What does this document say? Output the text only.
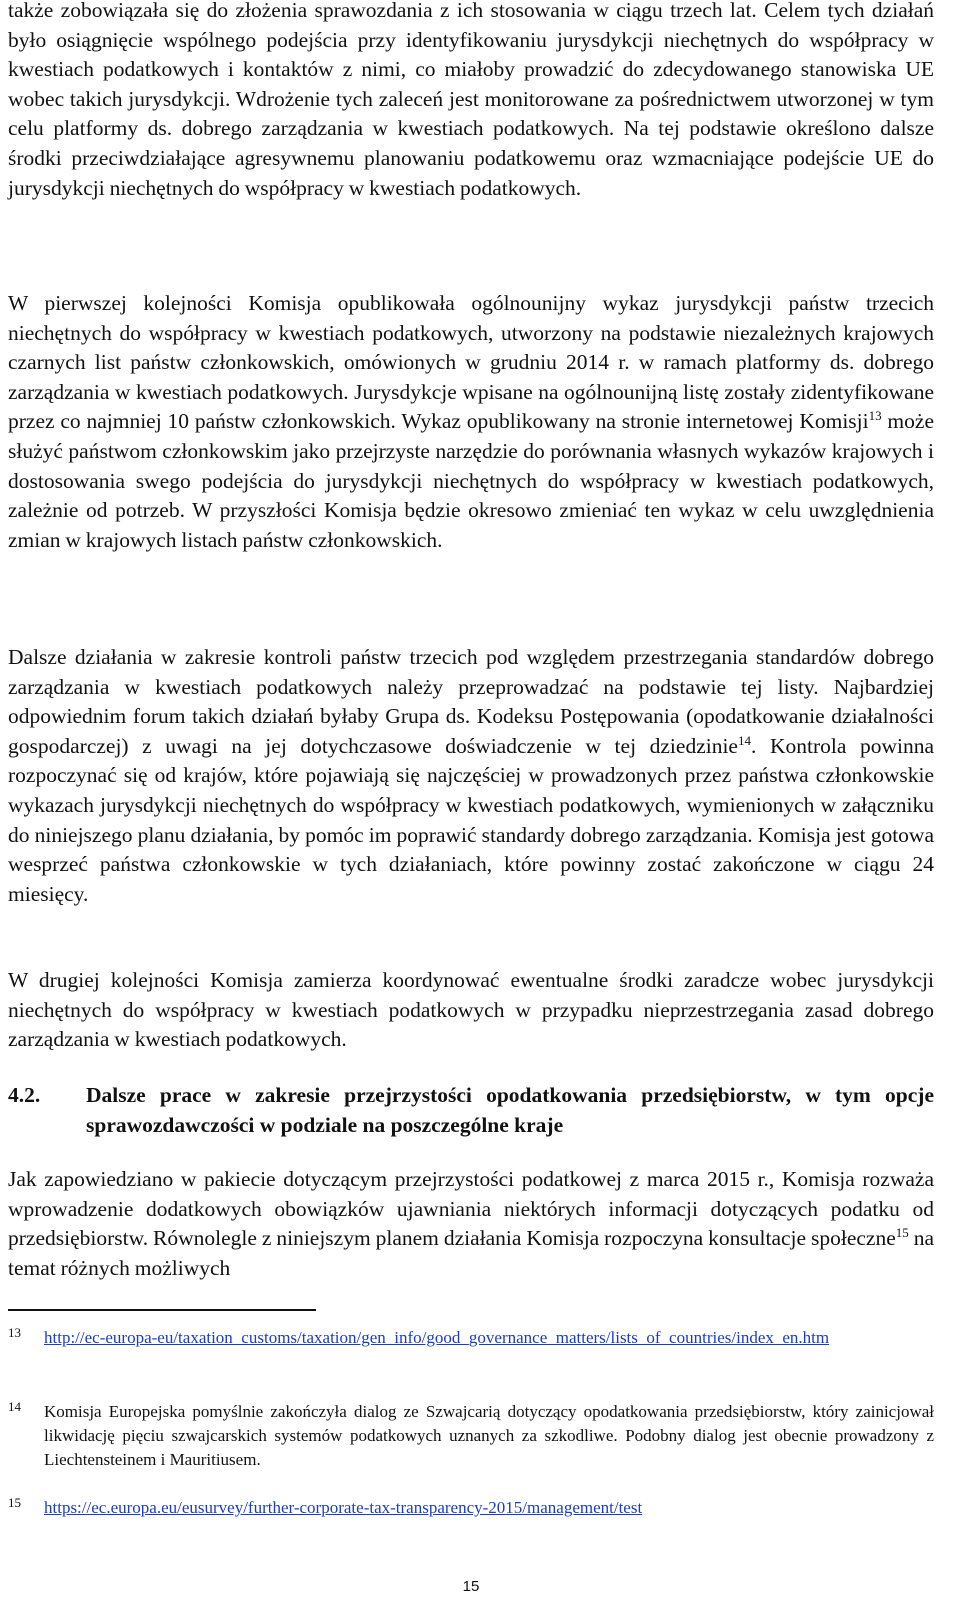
także zobowiązała się do złożenia sprawozdania z ich stosowania w ciągu trzech lat. Celem tych działań było osiągnięcie wspólnego podejścia przy identyfikowaniu jurysdykcji niechętnych do współpracy w kwestiach podatkowych i kontaktów z nimi, co miałoby prowadzić do zdecydowanego stanowiska UE wobec takich jurysdykcji. Wdrożenie tych zaleceń jest monitorowane za pośrednictwem utworzonej w tym celu platformy ds. dobrego zarządzania w kwestiach podatkowych. Na tej podstawie określono dalsze środki przeciwdziałające agresywnemu planowaniu podatkowemu oraz wzmacniające podejście UE do jurysdykcji niechętnych do współpracy w kwestiach podatkowych.

W pierwszej kolejności Komisja opublikowała ogólnounijny wykaz jurysdykcji państw trzecich niechętnych do współpracy w kwestiach podatkowych, utworzony na podstawie niezależnych krajowych czarnych list państw członkowskich, omówionych w grudniu 2014 r. w ramach platformy ds. dobrego zarządzania w kwestiach podatkowych. Jurysdykcje wpisane na ogólnounijną listę zostały zidentyfikowane przez co najmniej 10 państw członkowskich. Wykaz opublikowany na stronie internetowej Komisji$^{13}$ może służyć państwom członkowskim jako przejrzyste narzędzie do porównania własnych wykazów krajowych i dostosowania swego podejścia do jurysdykcji niechętnych do współpracy w kwestiach podatkowych, zależnie od potrzeb. W przyszłości Komisja będzie okresowo zmieniać ten wykaz w celu uwzględnienia zmian w krajowych listach państw członkowskich.

Dalsze działania w zakresie kontroli państw trzecich pod względem przestrzegania standardów dobrego zarządzania w kwestiach podatkowych należy przeprowadzać na podstawie tej listy. Najbardziej odpowiednim forum takich działań byłaby Grupa ds. Kodeksu Postępowania (opodatkowanie działalności gospodarczej) z uwagi na jej dotychczasowe doświadczenie w tej dziedzinie$^{14}$. Kontrola powinna rozpoczynać się od krajów, które pojawiają się najczęściej w prowadzonych przez państwa członkowskie wykazach jurysdykcji niechętnych do współpracy w kwestiach podatkowych, wymienionych w załączniku do niniejszego planu działania, by pomóc im poprawić standardy dobrego zarządzania. Komisja jest gotowa wesprzeć państwa członkowskie w tych działaniach, które powinny zostać zakończone w ciągu 24 miesięcy.

W drugiej kolejności Komisja zamierza koordynować ewentualne środki zaradcze wobec jurysdykcji niechętnych do współpracy w kwestiach podatkowych w przypadku nieprzestrzegania zasad dobrego zarządzania w kwestiach podatkowych.

4.2.	Dalsze prace w zakresie przejrzystości opodatkowania przedsiębiorstw, w tym opcje sprawozdawczości w podziale na poszczególne kraje

Jak zapowiedziano w pakiecie dotyczącym przejrzystości podatkowej z marca 2015 r., Komisja rozważa wprowadzenie dodatkowych obowiązków ujawniania niektórych informacji dotyczących podatku od przedsiębiorstw. Równolegle z niniejszym planem działania Komisja rozpoczyna konsultacje społeczne$^{15}$ na temat różnych możliwych

13	http://ec-europa-eu/taxation_customs/taxation/gen_info/good_governance_matters/lists_of_countries/index_en.htm
14	Komisja Europejska pomyślnie zakończyła dialog ze Szwajcarią dotyczący opodatkowania przedsiębiorstw, który zainicjował likwidację pięciu szwajcarskich systemów podatkowych uznanych za szkodliwe. Podobny dialog jest obecnie prowadzony z Liechtensteinem i Mauritiusem.
15	https://ec.europa.eu/eusurvey/further-corporate-tax-transparency-2015/management/test
15
